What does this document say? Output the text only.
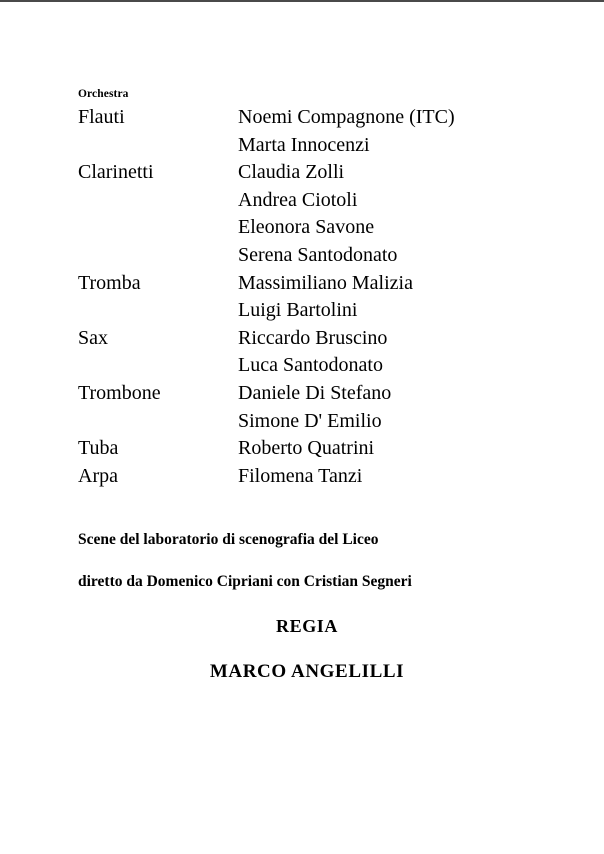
Orchestra
Flauti	Noemi Compagnone (ITC)
Marta Innocenzi
Clarinetti	Claudia Zolli
Andrea Ciotoli
Eleonora Savone
Serena Santodonato
Tromba	Massimiliano Malizia
Luigi Bartolini
Sax	Riccardo Bruscino
Luca Santodonato
Trombone	Daniele Di Stefano
Simone D' Emilio
Tuba	Roberto Quatrini
Arpa	Filomena Tanzi
Scene del laboratorio di scenografia del Liceo
diretto da Domenico Cipriani con Cristian Segneri
REGIA
MARCO ANGELILLI
